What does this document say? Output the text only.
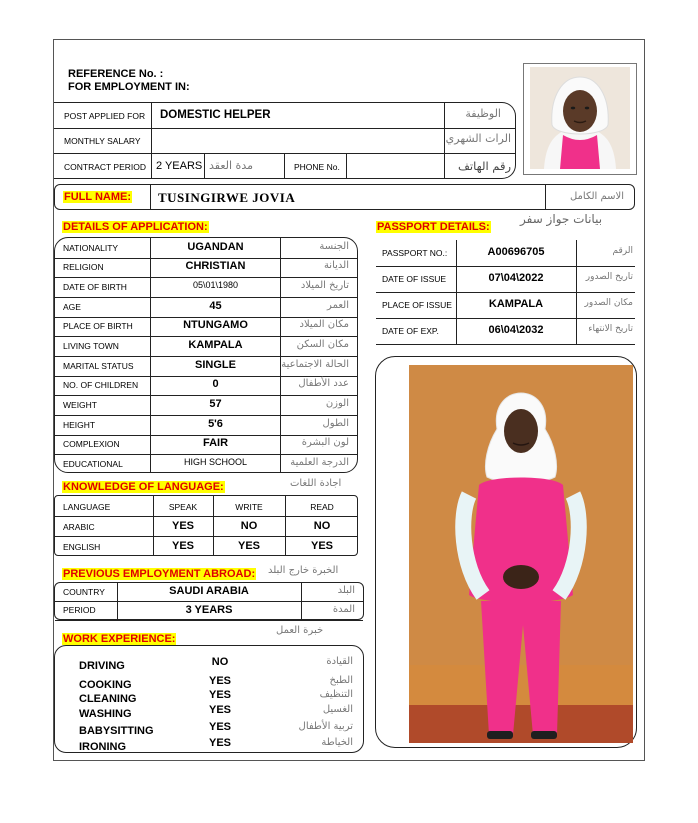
REFERENCE No. :
FOR EMPLOYMENT IN:
POST APPLIED FOR DOMESTIC HELPER	الوظيفة
MONTHLY SALARY	الرات الشهري
CONTRACT PERIOD 2 YEARS مدة العقد	PHONE No.	رقم الهاتف
FULL NAME: TUSINGIRWE JOVIA	الاسم الكامل
DETAILS OF APPLICATION:
NATIONALITY	UGANDAN	الجنسة
RELIGION	CHRISTIAN	الديانة
DATE OF BIRTH	05\01\1980	تاريخ الميلاد
AGE	45	العمر
PLACE OF BIRTH	NTUNGAMO	مكان الميلاد
LIVING TOWN	KAMPALA	مكان السكن
MARITAL STATUS	SINGLE	الحالة الاجتماعية
NO. OF CHILDREN	0	عدد الأطفال
WEIGHT	57	الوزن
HEIGHT	5'6	الطول
COMPLEXION	FAIR	لون البشرة
EDUCATIONAL	HIGH SCHOOL	الدرجة العلمية
PASSPORT DETAILS:
بيانات جواز سفر
PASSPORT NO.:	A00696705	الرقم
DATE OF ISSUE	07\04\2022	تاريخ الصدور
PLACE OF ISSUE	KAMPALA	مكان الصدور
DATE OF EXP.	06\04\2032	تاريخ الانتهاء
KNOWLEDGE OF LANGUAGE:	اجادة اللغات
LANGUAGE	SPEAK	WRITE	READ
ARABIC	YES	NO	NO
ENGLISH	YES	YES	YES
PREVIOUS EMPLOYMENT ABROAD: الخبرة خارج البلد
COUNTRY	SAUDI ARABIA	البلد
PERIOD	3 YEARS	المدة
WORK EXPERIENCE:
خبرة العمل
DRIVING	NO	القيادة
COOKING	YES	الطبخ
CLEANING	YES	التنظيف
WASHING	YES	الغسيل
BABYSITTING	YES	تربية الأطفال
IRONING	YES	الخياطة
